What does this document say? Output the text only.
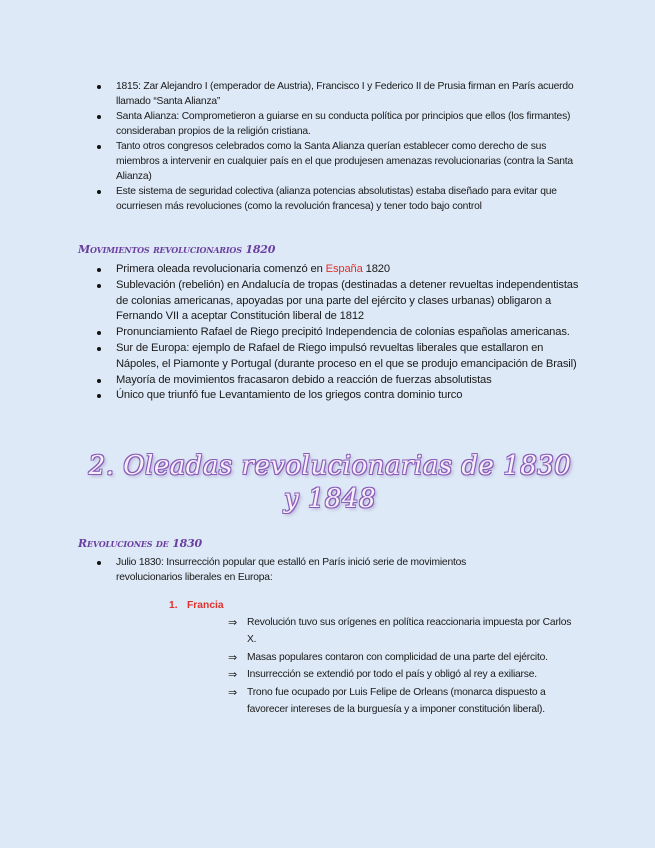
1815: Zar Alejandro I (emperador de Austria), Francisco I y Federico II de Prusia firman en París acuerdo llamado “Santa Alianza”
Santa Alianza: Comprometieron a guiarse en su conducta política por principios que ellos (los firmantes) consideraban propios de la religión cristiana.
Tanto otros congresos celebrados como la Santa Alianza querían establecer como derecho de sus miembros a intervenir en cualquier país en el que produjesen amenazas revolucionarias (contra la Santa Alianza)
Este sistema de seguridad colectiva (alianza potencias absolutistas) estaba diseñado para evitar que ocurriesen más revoluciones (como la revolución francesa) y tener todo bajo control
Movimientos revolucionarios 1820
Primera oleada revolucionaria comenzó en España 1820
Sublevación (rebelión) en Andalucía de tropas (destinadas a detener revueltas independentistas de colonias americanas, apoyadas por una parte del ejército y clases urbanas) obligaron a Fernando VII a aceptar Constitución liberal de 1812
Pronunciamiento Rafael de Riego precipitó Independencia de colonias españolas americanas.
Sur de Europa: ejemplo de Rafael de Riego impulsó revueltas liberales que estallaron en Nápoles, el Piamonte y Portugal (durante proceso en el que se produjo emancipación de Brasil)
Mayoría de movimientos fracasaron debido a reacción de fuerzas absolutistas
Único que triunfó fue Levantamiento de los griegos contra dominio turco
2. Oleadas revolucionarias de 1830 y 1848
Revoluciones de 1830
Julio 1830: Insurrección popular que estalló en París inició serie de movimientos revolucionarios liberales en Europa:
1. Francia
⇒ Revolución tuvo sus orígenes en política reaccionaria impuesta por Carlos X.
⇒ Masas populares contaron con complicidad de una parte del ejército.
⇒ Insurrección se extendió por todo el país y obligó al rey a exiliarse.
⇒ Trono fue ocupado por Luis Felipe de Orleans (monarca dispuesto a favorecer intereses de la burguesía y a imponer constitución liberal).
